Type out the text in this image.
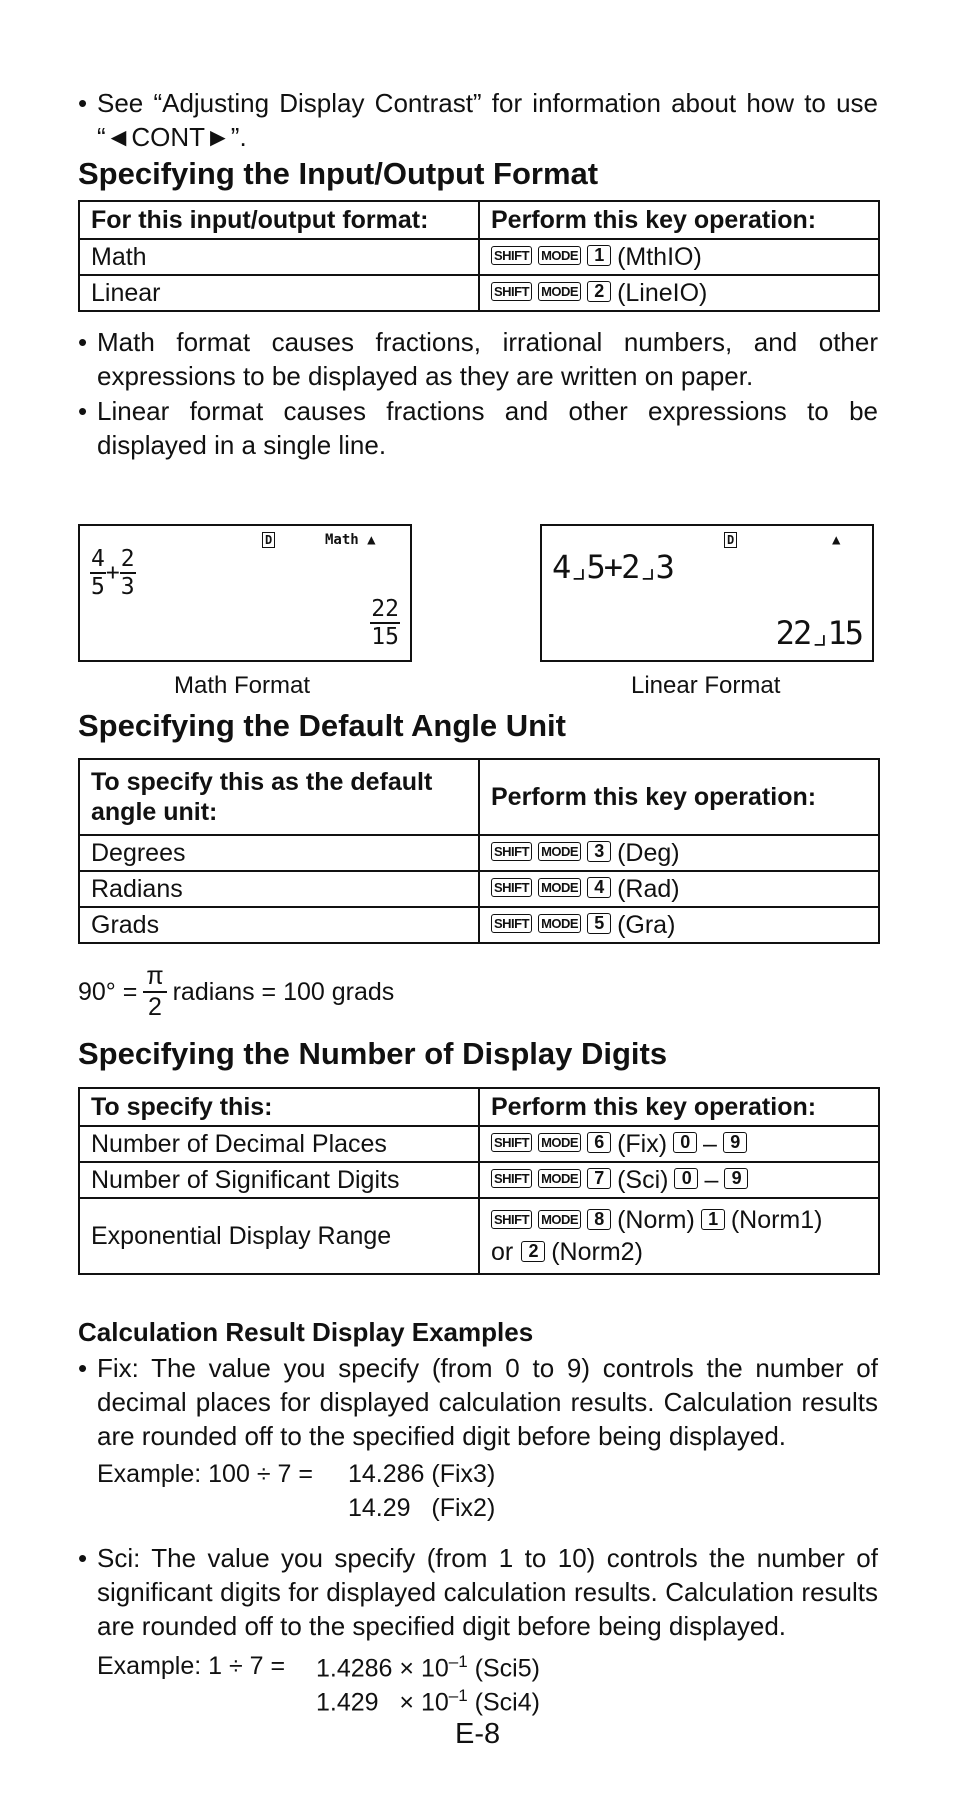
• See “Adjusting Display Contrast” for information about how to use “◄CONT►”.
Specifying the Input/Output Format
For this input/output format:	Perform this key operation:
Math	SHIFT MODE 1 (MthIO)
Linear	SHIFT MODE 2 (LineIO)
• Math format causes fractions, irrational numbers, and other expressions to be displayed as they are written on paper.
• Linear format causes fractions and other expressions to be displayed in a single line.
D	Math ▲
$\frac{4}{5} + \frac{2}{3}$
$\frac{22}{15}$
Math Format
D	▲
4⌟5+2⌟3
22⌟15
Linear Format
Specifying the Default Angle Unit
To specify this as the default angle unit:	Perform this key operation:
Degrees	SHIFT MODE 3 (Deg)
Radians	SHIFT MODE 4 (Rad)
Grads	SHIFT MODE 5 (Gra)
$90^\circ = \frac{\pi}{2}$ radians = 100 grads
Specifying the Number of Display Digits
To specify this:	Perform this key operation:
Number of Decimal Places	SHIFT MODE 6 (Fix) 0 – 9
Number of Significant Digits	SHIFT MODE 7 (Sci) 0 – 9
Exponential Display Range	SHIFT MODE 8 (Norm) 1 (Norm1)
or 2 (Norm2)
Calculation Result Display Examples
• Fix: The value you specify (from 0 to 9) controls the number of decimal places for displayed calculation results. Calculation results are rounded off to the specified digit before being displayed.
Example: 100 ÷ 7 = 14.286 (Fix3)
14.29   (Fix2)
• Sci: The value you specify (from 1 to 10) controls the number of significant digits for displayed calculation results. Calculation results are rounded off to the specified digit before being displayed.
Example: $1 \div 7 = 1.4286 \times 10^{-1}$ (Sci5)
$1.429 \times 10^{-1}$ (Sci4)
E-8
